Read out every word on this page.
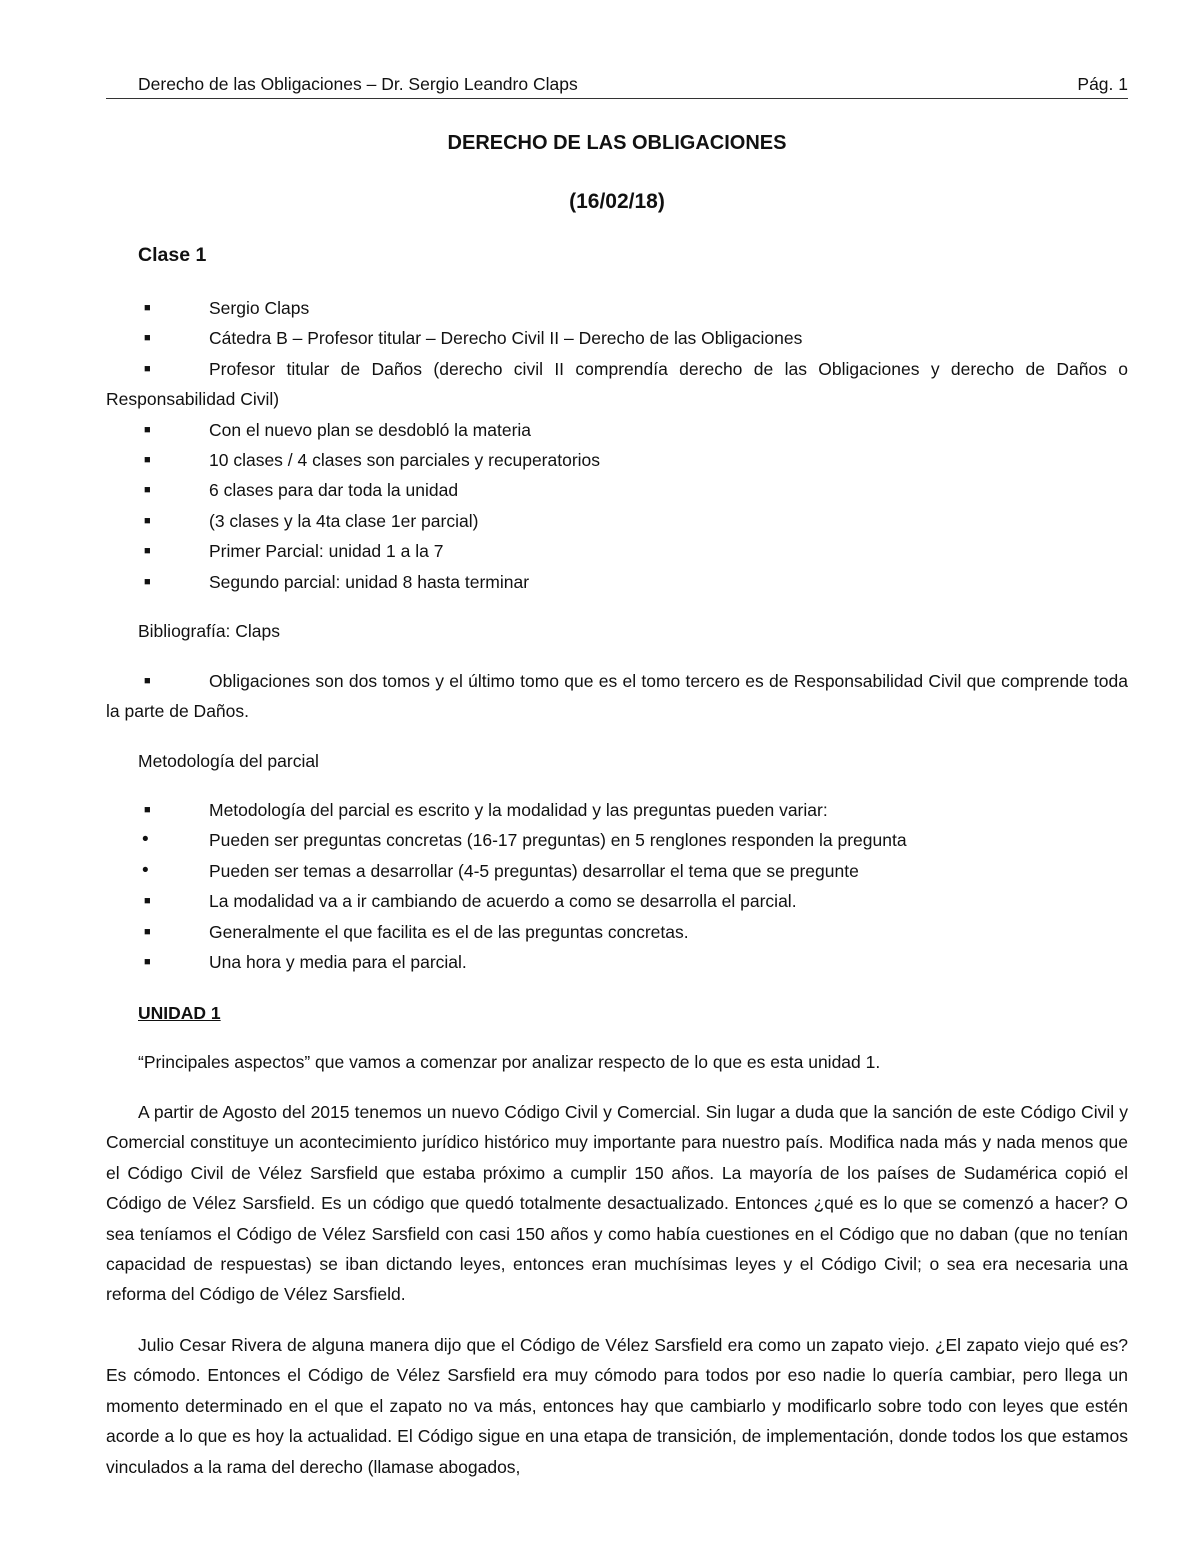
Derecho de las Obligaciones – Dr. Sergio Leandro Claps	Pág. 1
DERECHO DE LAS OBLIGACIONES
(16/02/18)
Clase 1
■	Sergio Claps
■	Cátedra B – Profesor titular – Derecho Civil II – Derecho de las Obligaciones
■	Profesor titular de Daños (derecho civil II comprendía derecho de las Obligaciones y derecho de Daños o Responsabilidad Civil)
■	Con el nuevo plan se desdobló la materia
■	10 clases / 4 clases son parciales y recuperatorios
■	6 clases para dar toda la unidad
■	(3 clases y la 4ta clase 1er parcial)
■	Primer Parcial: unidad 1 a la 7
■	Segundo parcial: unidad 8 hasta terminar
Bibliografía: Claps
■	Obligaciones son dos tomos y el último tomo que es el tomo tercero es de Responsabilidad Civil que comprende toda la parte de Daños.
Metodología del parcial
■	Metodología del parcial es escrito y la modalidad y las preguntas pueden variar:
•	Pueden ser preguntas concretas (16-17 preguntas) en 5 renglones responden la pregunta
•	Pueden ser temas a desarrollar (4-5 preguntas) desarrollar el tema que se pregunte
■	La modalidad va a ir cambiando de acuerdo a como se desarrolla el parcial.
■	Generalmente el que facilita es el de las preguntas concretas.
■	Una hora y media para el parcial.
UNIDAD 1
“Principales aspectos” que vamos a comenzar por analizar respecto de lo que es esta unidad 1.
A partir de Agosto del 2015 tenemos un nuevo Código Civil y Comercial. Sin lugar a duda que la sanción de este Código Civil y Comercial constituye un acontecimiento jurídico histórico muy importante para nuestro país. Modifica nada más y nada menos que el Código Civil de Vélez Sarsfield que estaba próximo a cumplir 150 años. La mayoría de los países de Sudamérica copió el Código de Vélez Sarsfield. Es un código que quedó totalmente desactualizado. Entonces ¿qué es lo que se comenzó a hacer? O sea teníamos el Código de Vélez Sarsfield con casi 150 años y como había cuestiones en el Código que no daban (que no tenían capacidad de respuestas) se iban dictando leyes, entonces eran muchísimas leyes y el Código Civil; o sea era necesaria una reforma del Código de Vélez Sarsfield.
Julio Cesar Rivera de alguna manera dijo que el Código de Vélez Sarsfield era como un zapato viejo. ¿El zapato viejo qué es? Es cómodo. Entonces el Código de Vélez Sarsfield era muy cómodo para todos por eso nadie lo quería cambiar, pero llega un momento determinado en el que el zapato no va más, entonces hay que cambiarlo y modificarlo sobre todo con leyes que estén acorde a lo que es hoy la actualidad. El Código sigue en una etapa de transición, de implementación, donde todos los que estamos vinculados a la rama del derecho (llamase abogados,
